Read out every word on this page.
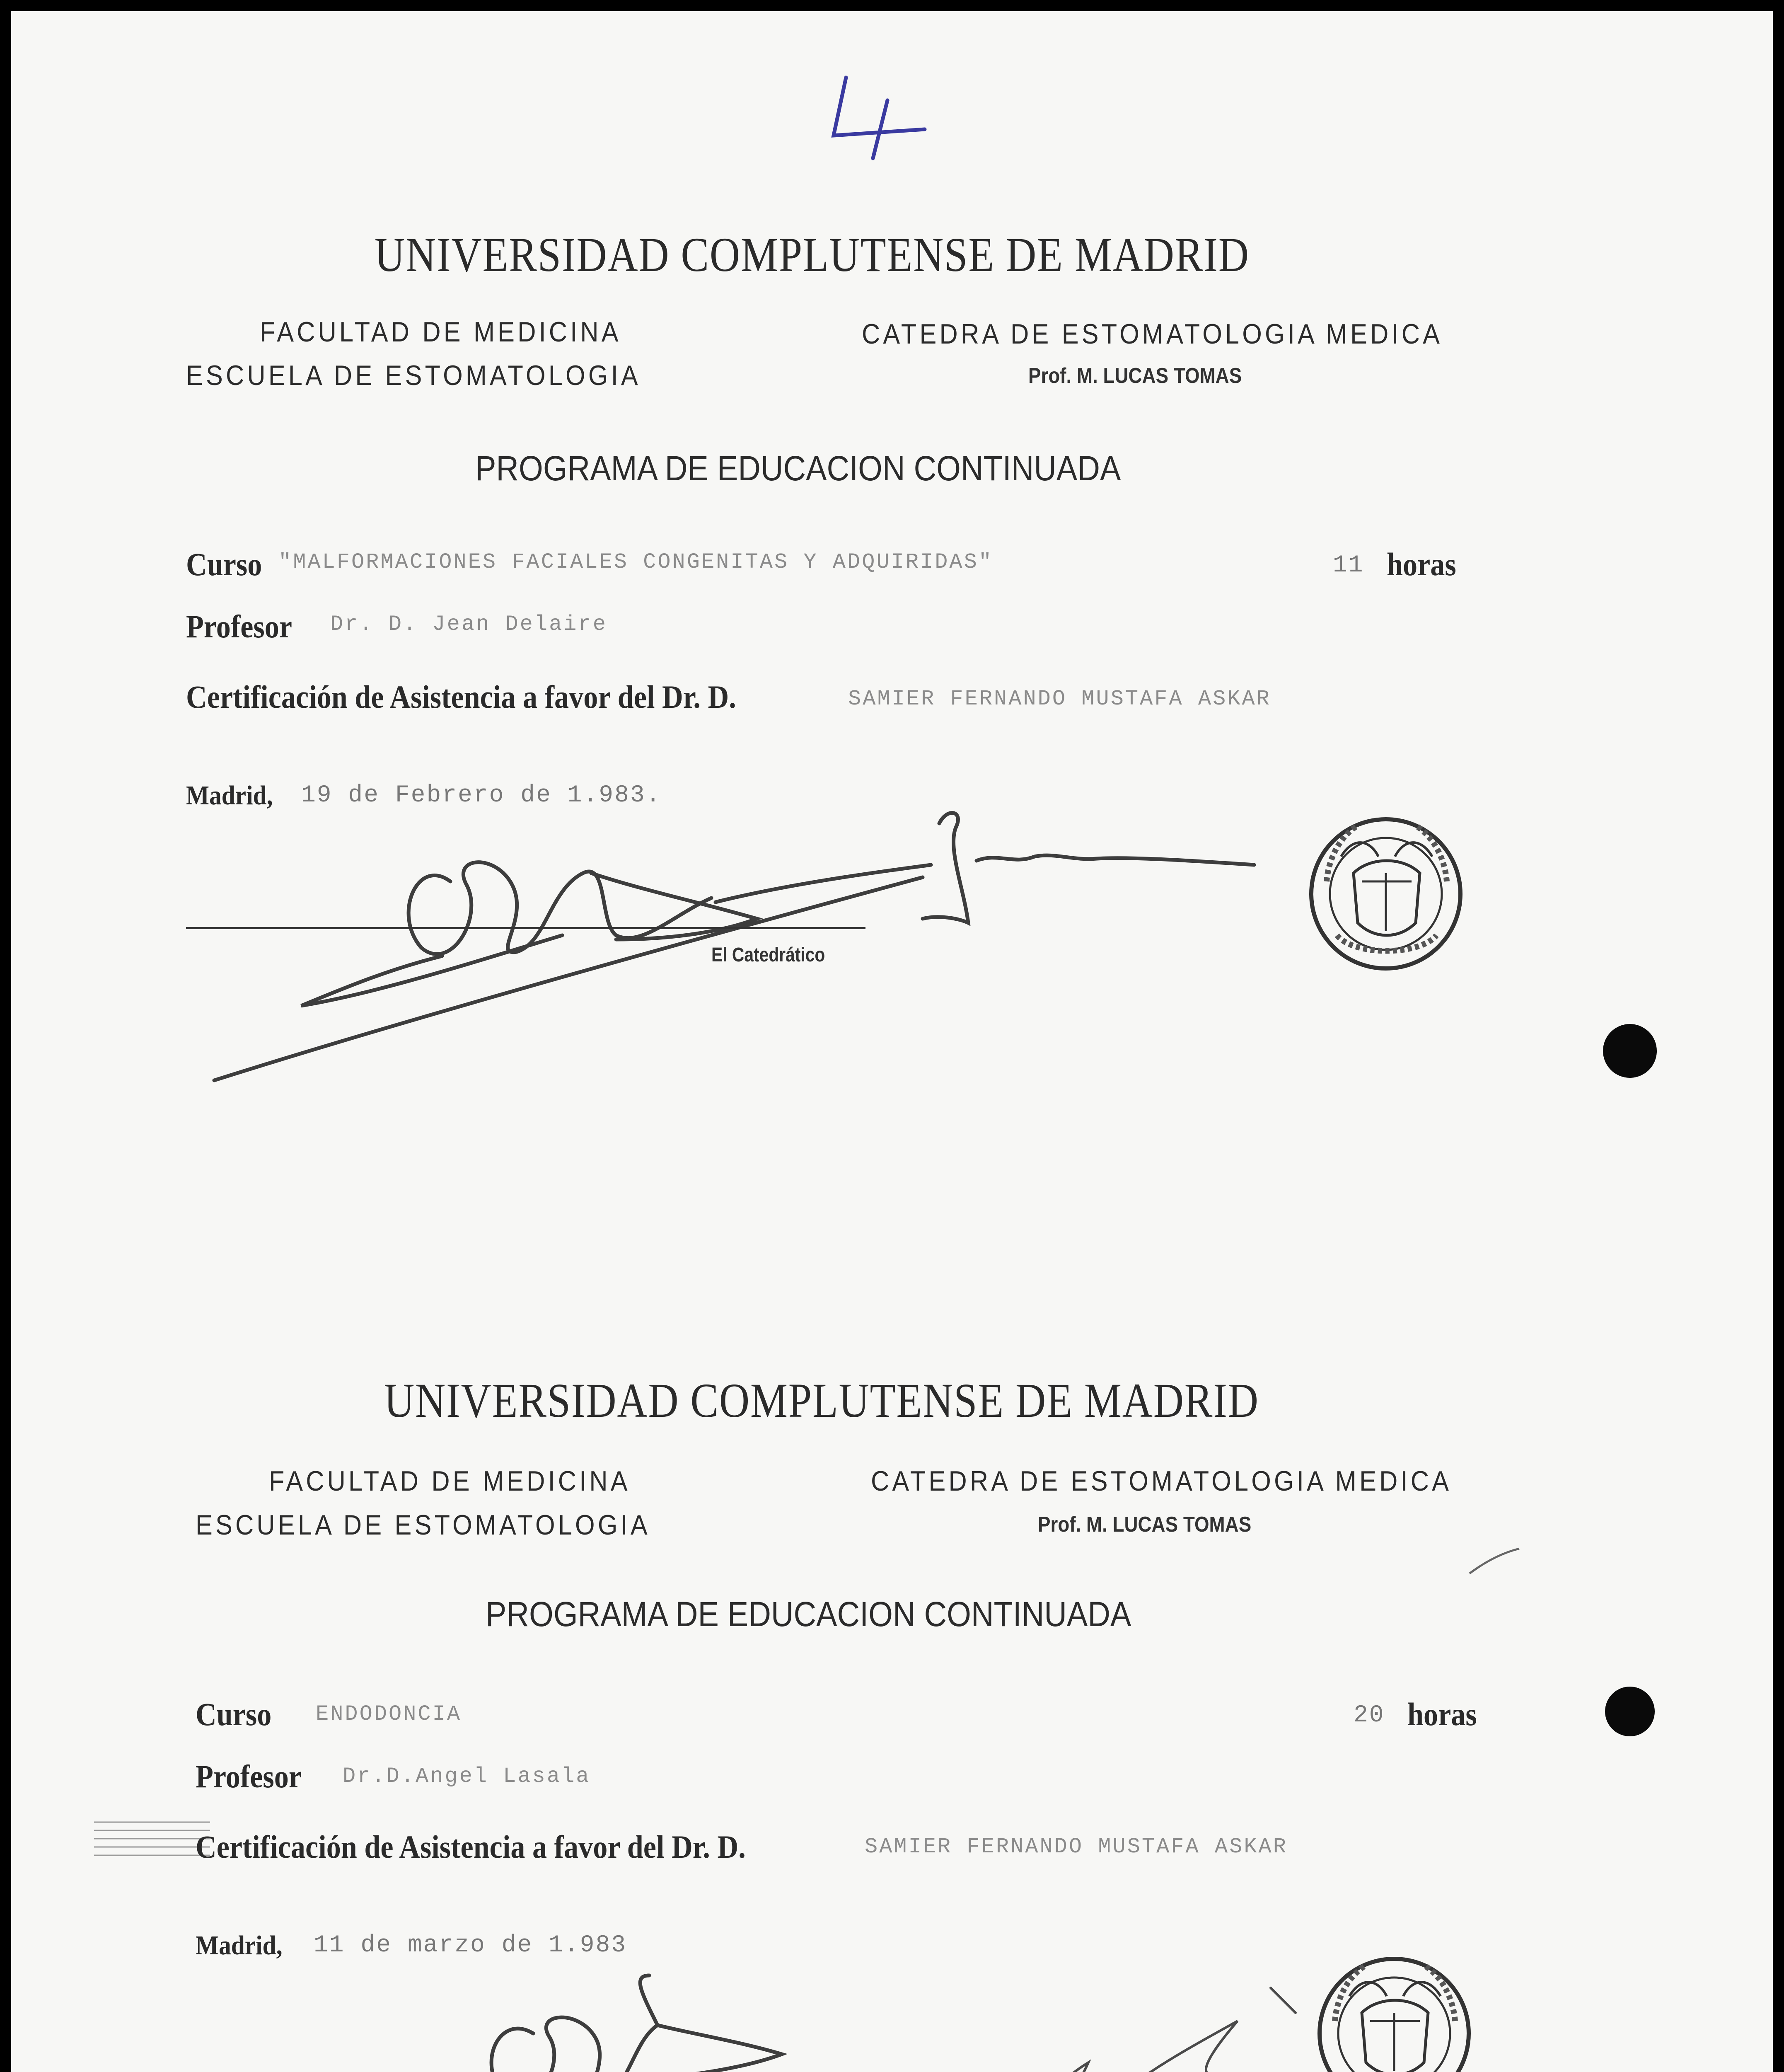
UNIVERSIDAD COMPLUTENSE DE MADRID
FACULTAD DE MEDICINA
ESCUELA DE ESTOMATOLOGIA
CATEDRA DE ESTOMATOLOGIA MEDICA
Prof. M. LUCAS TOMAS
PROGRAMA DE EDUCACION CONTINUADA
Curso "MALFORMACIONES FACIALES CONGENITAS Y ADQUIRIDAS"	11 horas
Profesor Dr. D. Jean Delaire
Certificación de Asistencia a favor del Dr. D.	SAMIER FERNANDO MUSTAFA ASKAR
Madrid, 19 de Febrero de 1.983.
El Catedrático
UNIVERSIDAD COMPLUTENSE DE MADRID
FACULTAD DE MEDICINA
ESCUELA DE ESTOMATOLOGIA
CATEDRA DE ESTOMATOLOGIA MEDICA
Prof. M. LUCAS TOMAS
PROGRAMA DE EDUCACION CONTINUADA
Curso ENDODONCIA	20 horas
Profesor Dr.D.Angel Lasala
Certificación de Asistencia a favor del Dr. D.	SAMIER FERNANDO MUSTAFA ASKAR
Madrid, 11 de marzo de 1.983
